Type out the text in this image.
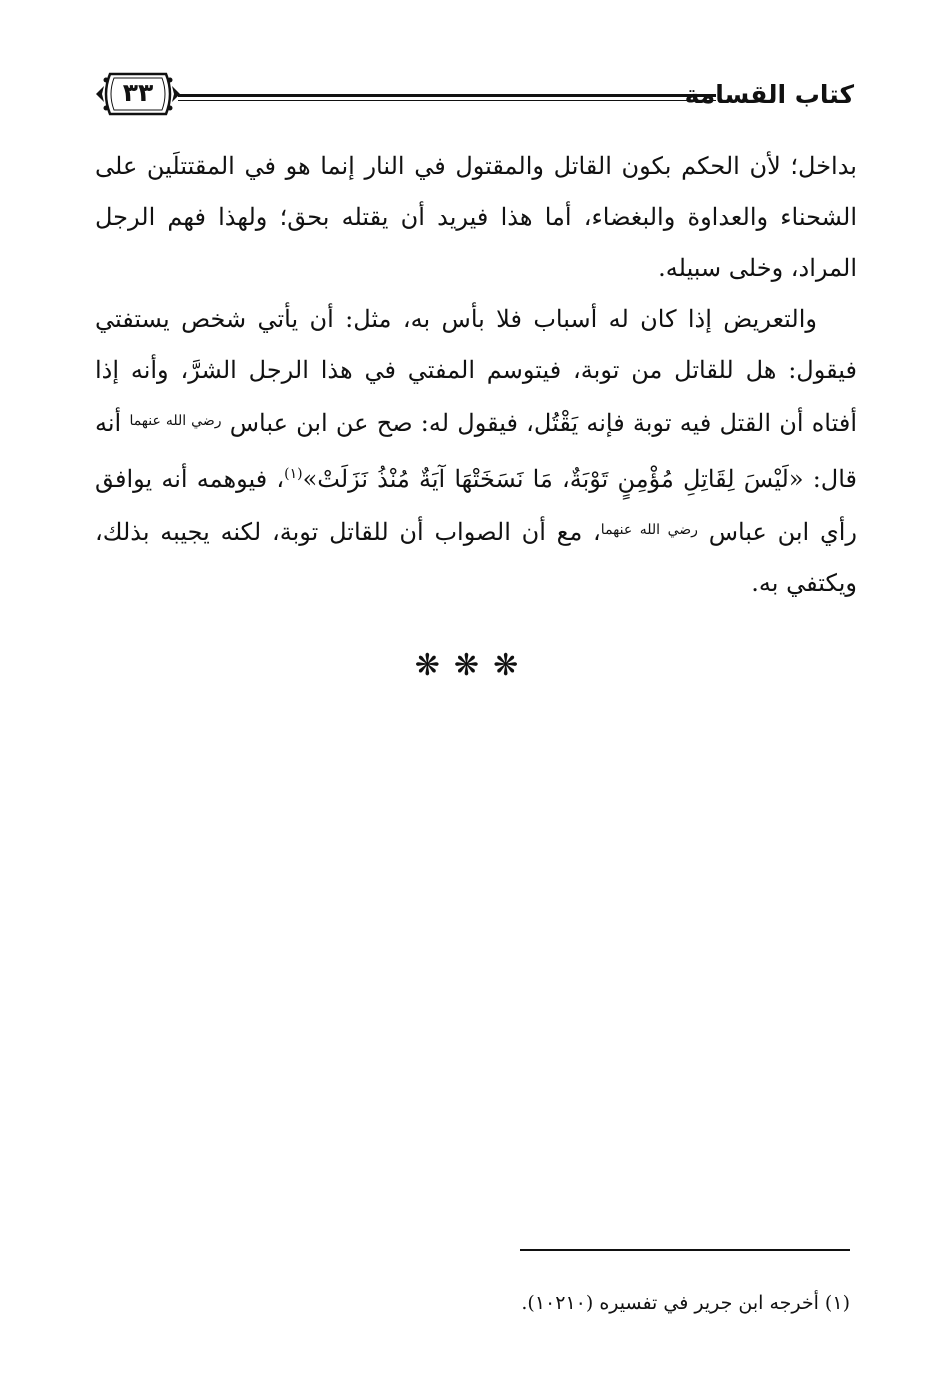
كتاب القسامة
٣٣

بداخل؛ لأن الحكم بكون القاتل والمقتول في النار إنما هو في المقتتلَين على الشحناء والعداوة والبغضاء، أما هذا فيريد أن يقتله بحق؛ ولهذا فهم الرجل المراد، وخلى سبيله.

والتعريض إذا كان له أسباب فلا بأس به، مثل: أن يأتي شخص يستفتي فيقول: هل للقاتل من توبة، فيتوسم المفتي في هذا الرجل الشرَّ، وأنه إذا أفتاه أن القتل فيه توبة فإنه يَقْتُل، فيقول له: صح عن ابن عباس $^{رضي الله عنهما}$ أنه قال: «لَيْسَ لِقَاتِلِ مُؤْمِنٍ تَوْبَةٌ، مَا نَسَخَتْهَا آيَةٌ مُنْذُ نَزَلَتْ»$^{(١)}$، فيوهمه أنه يوافق رأي ابن عباس $^{رضي الله عنهما}$، مع أن الصواب أن للقاتل توبة، لكنه يجيبه بذلك، ويكتفي به.

❋❋❋
(١) أخرجه ابن جرير في تفسيره (١٠٢١٠).
